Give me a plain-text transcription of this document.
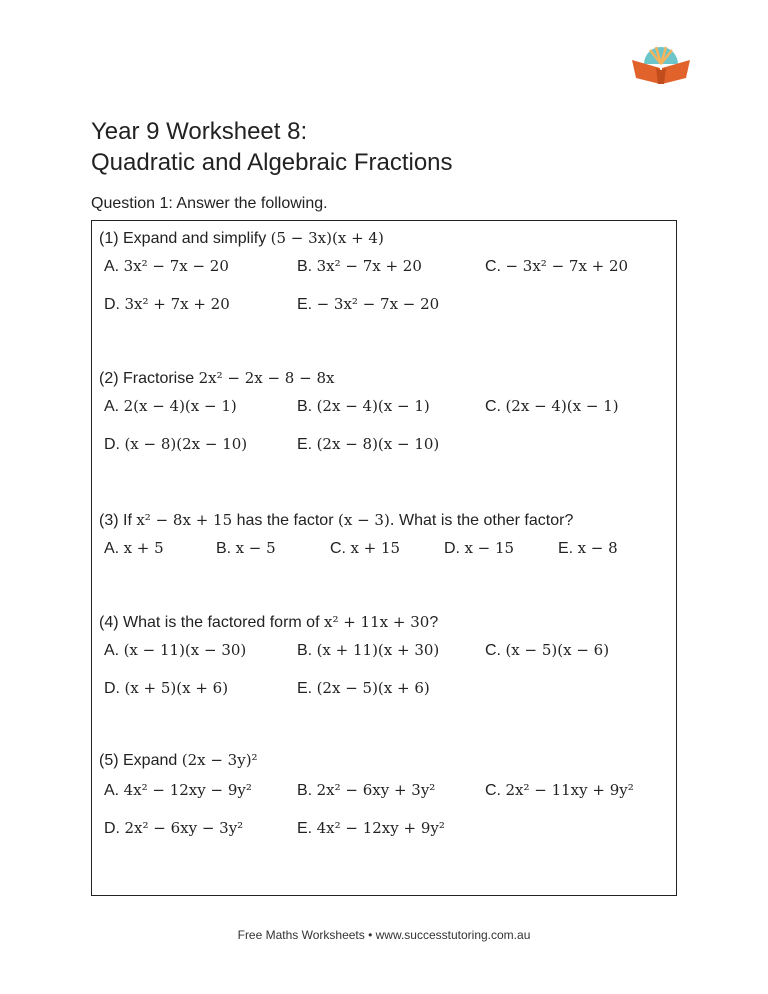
Year 9 Worksheet 8:
Quadratic and Algebraic Fractions
Question 1: Answer the following.
(1) Expand and simplify (5 − 3x)(x + 4)
A. 3x² − 7x − 20	B. 3x² − 7x + 20	C. − 3x² − 7x + 20
D. 3x² + 7x + 20	E. − 3x² − 7x − 20
(2) Fractorise 2x² − 2x − 8 − 8x
A. 2(x − 4)(x − 1)	B. (2x − 4)(x − 1)	C. (2x − 4)(x − 1)
D. (x − 8)(2x − 10)	E. (2x − 8)(x − 10)
(3) If x² − 8x + 15 has the factor (x − 3). What is the other factor?
A. x + 5	B. x − 5	C. x + 15	D. x − 15	E. x − 8
(4) What is the factored form of x² + 11x + 30?
A. (x − 11)(x − 30)	B. (x + 11)(x + 30)	C. (x − 5)(x − 6)
D. (x + 5)(x + 6)	E. (2x − 5)(x + 6)
(5) Expand (2x − 3y)²
A. 4x² − 12xy − 9y²	B. 2x² − 6xy + 3y²	C. 2x² − 11xy + 9y²
D. 2x² − 6xy − 3y²	E. 4x² − 12xy + 9y²
Free Maths Worksheets • www.successtutoring.com.au
